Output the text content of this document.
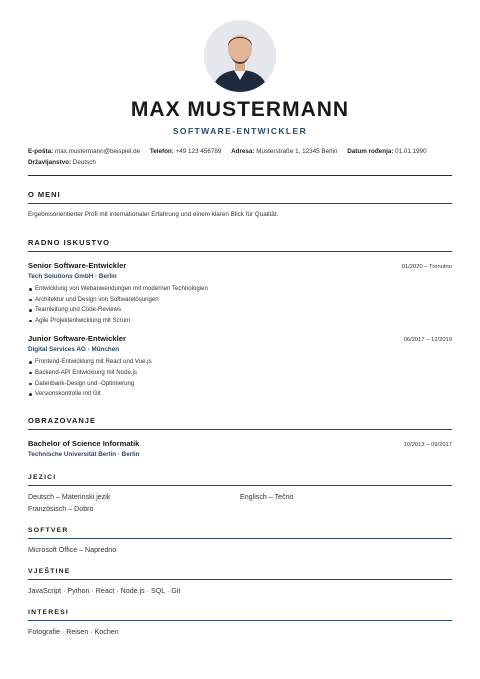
MAX MUSTERMANN
SOFTWARE-ENTWICKLER
E-pošta: max.mustermann@beispiel.de Telefon: +49 123 456789 Adresa: Musterstraße 1, 12345 Berlin Datum rođenja: 01.01.1990
Državljanstvo: Deutsch
O MENI
Ergebnisorientierter Profi mit internationaler Erfahrung und einem klaren Blick für Qualität.
RADNO ISKUSTVO
Senior Software-Entwickler	01/2020 – Trenutno
Tech Solutions GmbH · Berlin
Entwicklung von Webanwendungen mit modernen Technologien
Architektur und Design von Softwarelösungen
Teamleitung und Code-Reviews
Agile Projektentwicklung mit Scrum
Junior Software-Entwickler	06/2017 – 12/2019
Digital Services AG · München
Frontend-Entwicklung mit React und Vue.js
Backend-API Entwicklung mit Node.js
Datenbank-Design und -Optimierung
Versionskontrolle mit Git
OBRAZOVANJE
Bachelor of Science Informatik	10/2013 – 09/2017
Technische Universität Berlin · Berlin
JEZICI
Deutsch – Materinski jezik	Englisch – Tečno
Französisch – Dobro
SOFTVER
Microsoft Office – Napredno
VJEŠTINE
JavaScript · Python · React · Node.js · SQL · Git
INTERESI
Fotografie · Reisen · Kochen
